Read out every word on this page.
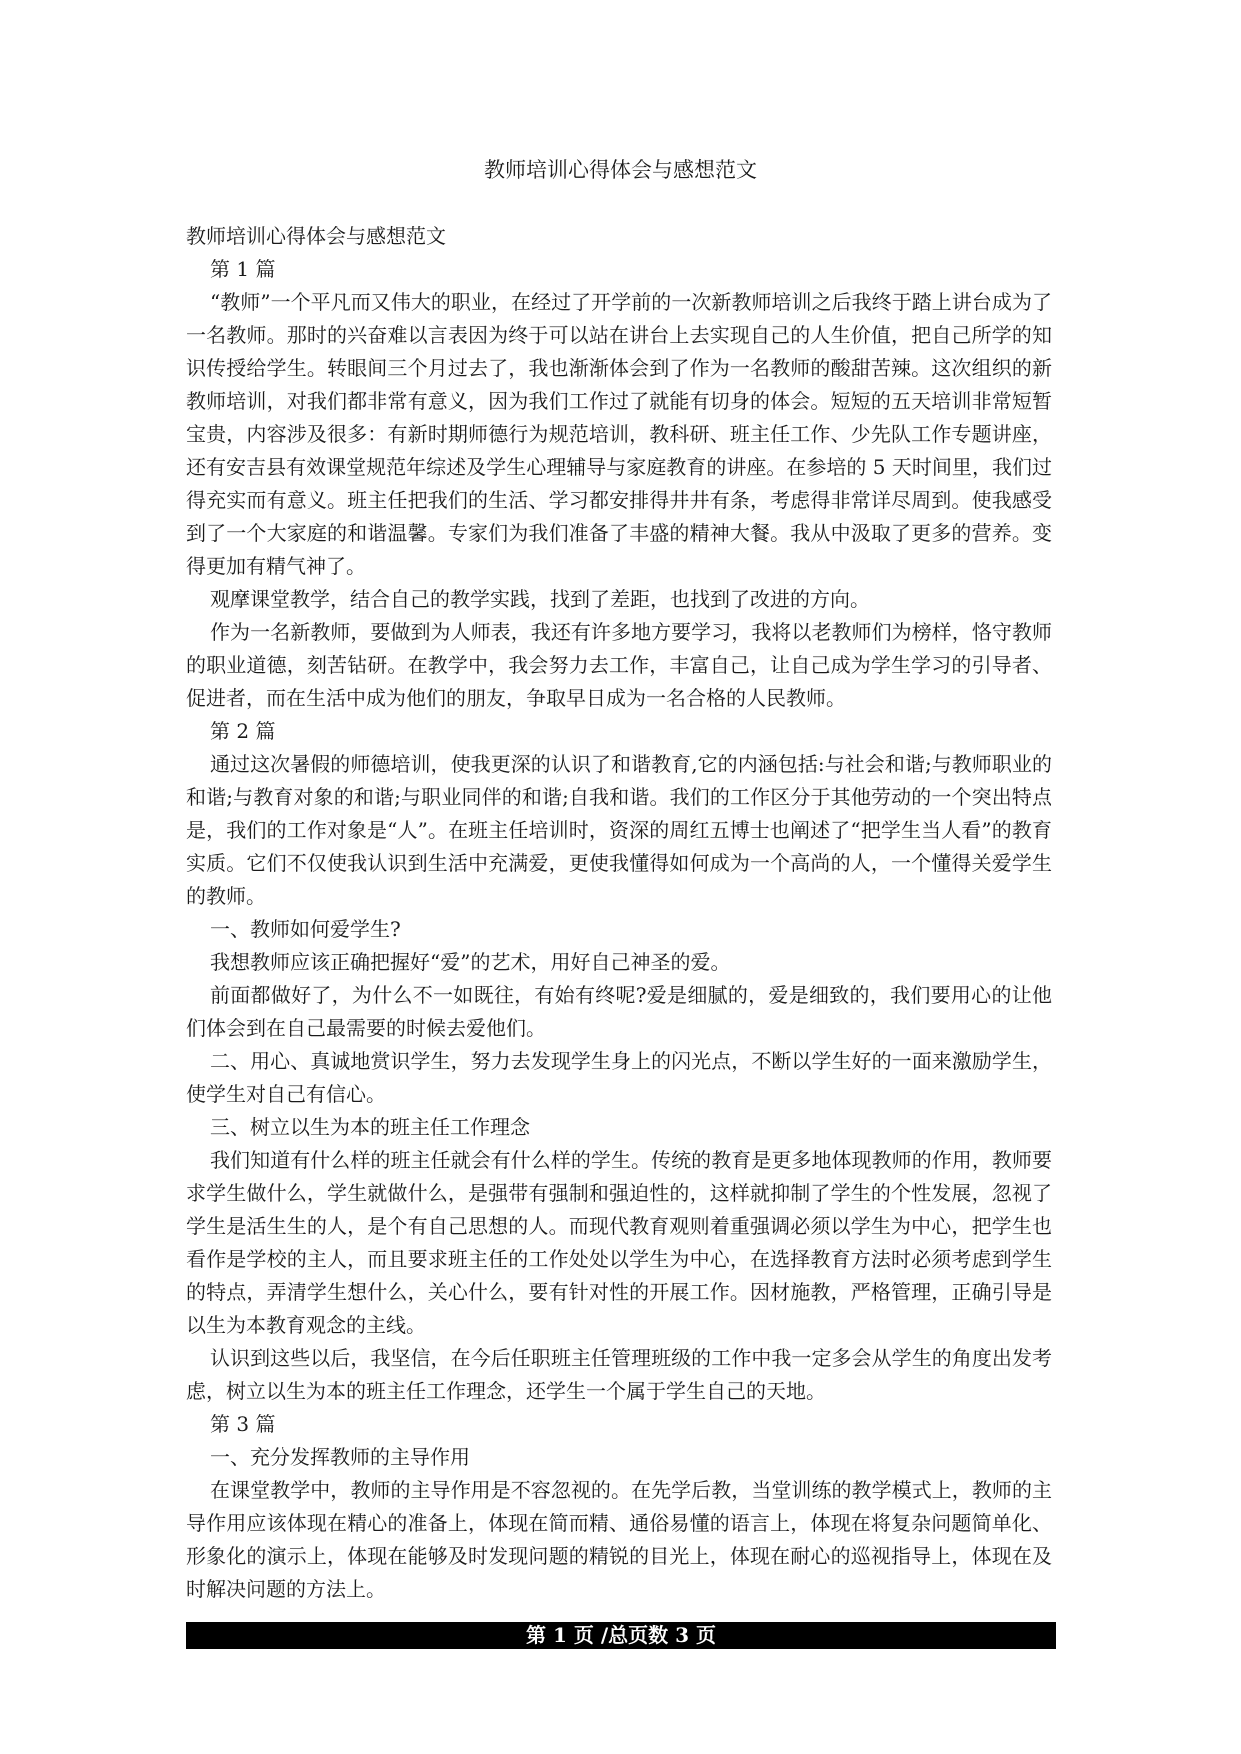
教师培训心得体会与感想范文

教师培训心得体会与感想范文

第 1 篇

“教师”一个平凡而又伟大的职业，在经过了开学前的一次新教师培训之后我终于踏上讲台成为了一名教师。那时的兴奋难以言表因为终于可以站在讲台上去实现自己的人生价值，把自己所学的知识传授给学生。转眼间三个月过去了，我也渐渐体会到了作为一名教师的酸甜苦辣。这次组织的新教师培训，对我们都非常有意义，因为我们工作过了就能有切身的体会。短短的五天培训非常短暂宝贵，内容涉及很多：有新时期师德行为规范培训，教科研、班主任工作、少先队工作专题讲座，还有安吉县有效课堂规范年综述及学生心理辅导与家庭教育的讲座。在参培的 5 天时间里，我们过得充实而有意义。班主任把我们的生活、学习都安排得井井有条，考虑得非常详尽周到。使我感受到了一个大家庭的和谐温馨。专家们为我们准备了丰盛的精神大餐。我从中汲取了更多的营养。变得更加有精气神了。

观摩课堂教学，结合自己的教学实践，找到了差距，也找到了改进的方向。

作为一名新教师，要做到为人师表，我还有许多地方要学习，我将以老教师们为榜样，恪守教师的职业道德，刻苦钻研。在教学中，我会努力去工作，丰富自己，让自己成为学生学习的引导者、促进者，而在生活中成为他们的朋友，争取早日成为一名合格的人民教师。

第 2 篇

通过这次暑假的师德培训，使我更深的认识了和谐教育,它的内涵包括:与社会和谐;与教师职业的和谐;与教育对象的和谐;与职业同伴的和谐;自我和谐。我们的工作区分于其他劳动的一个突出特点是，我们的工作对象是“人”。在班主任培训时，资深的周红五博士也阐述了“把学生当人看”的教育实质。它们不仅使我认识到生活中充满爱，更使我懂得如何成为一个高尚的人，一个懂得关爱学生的教师。

一、教师如何爱学生?

我想教师应该正确把握好“爱”的艺术，用好自己神圣的爱。

前面都做好了，为什么不一如既往，有始有终呢?爱是细腻的，爱是细致的，我们要用心的让他们体会到在自己最需要的时候去爱他们。

二、用心、真诚地赏识学生，努力去发现学生身上的闪光点，不断以学生好的一面来激励学生，使学生对自己有信心。

三、树立以生为本的班主任工作理念

我们知道有什么样的班主任就会有什么样的学生。传统的教育是更多地体现教师的作用，教师要求学生做什么，学生就做什么，是强带有强制和强迫性的，这样就抑制了学生的个性发展，忽视了学生是活生生的人，是个有自己思想的人。而现代教育观则着重强调必须以学生为中心，把学生也看作是学校的主人，而且要求班主任的工作处处以学生为中心，在选择教育方法时必须考虑到学生的特点，弄清学生想什么，关心什么，要有针对性的开展工作。因材施教，严格管理，正确引导是以生为本教育观念的主线。

认识到这些以后，我坚信，在今后任职班主任管理班级的工作中我一定多会从学生的角度出发考虑，树立以生为本的班主任工作理念，还学生一个属于学生自己的天地。

第 3 篇

一、充分发挥教师的主导作用

在课堂教学中，教师的主导作用是不容忽视的。在先学后教，当堂训练的教学模式上，教师的主导作用应该体现在精心的准备上，体现在简而精、通俗易懂的语言上，体现在将复杂问题简单化、形象化的演示上，体现在能够及时发现问题的精锐的目光上，体现在耐心的巡视指导上，体现在及时解决问题的方法上。

第 1 页 /总页数 3 页
